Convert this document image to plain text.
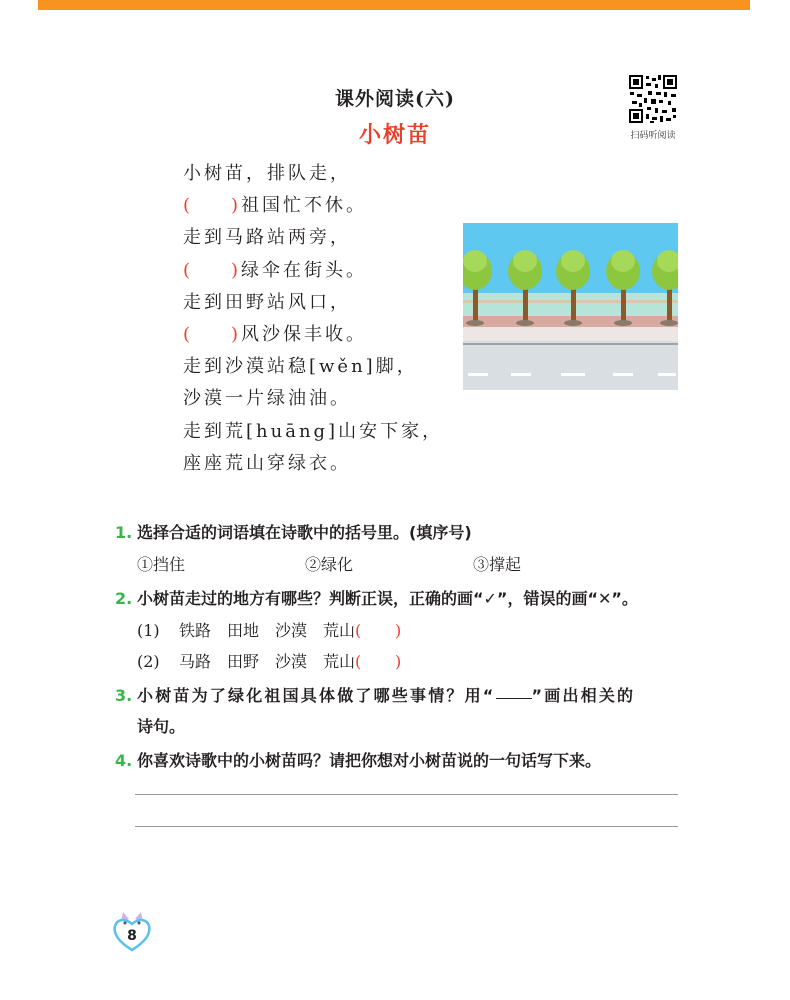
扫码听阅读
课外阅读(六)
小树苗
小树苗，排队走，
( ) 祖国忙不休。
走到马路站两旁，
( ) 绿伞在街头。
走到田野站风口，
( ) 风沙保丰收。
走到沙漠站稳[wěn]脚，
沙漠一片绿油油。
走到荒[huāng]山安下家，
座座荒山穿绿衣。
1. 选择合适的词语填在诗歌中的括号里。(填序号)
①挡住	②绿化	③撑起
2. 小树苗走过的地方有哪些？判断正误，正确的画“✓”，错误的画“✕”。
(1) 铁路 田地 沙漠 荒山( )
(2) 马路 田野 沙漠 荒山( )
3. 小树苗为了绿化祖国具体做了哪些事情？用“ ”画出相关的
诗句。
4. 你喜欢诗歌中的小树苗吗？请把你想对小树苗说的一句话写下来。
8
